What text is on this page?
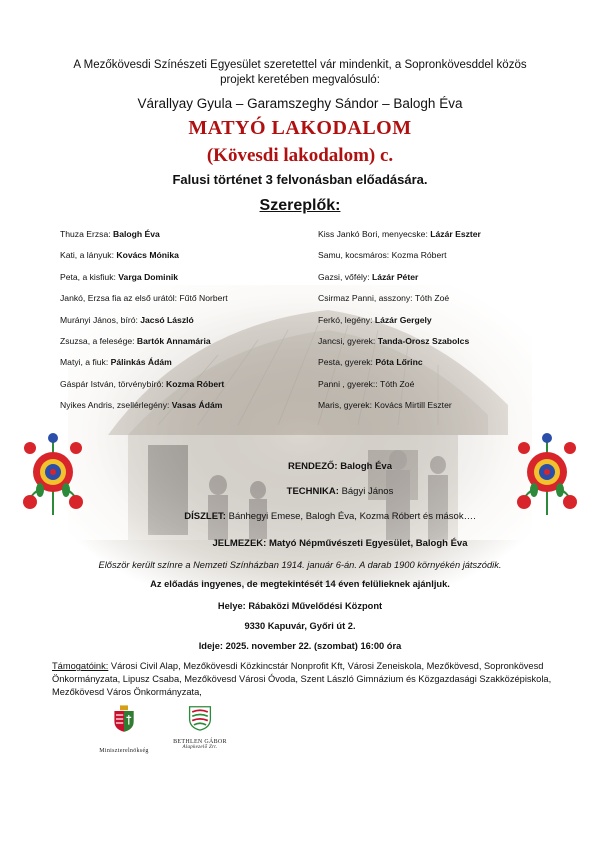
A Mezőkövesdi Színészeti Egyesület szeretettel vár mindenkit, a Sopronkövesddel közös projekt keretében megvalósuló:
Várallyay Gyula – Garamszeghy Sándor – Balogh Éva
MATYÓ LAKODALOM
(Kövesdi lakodalom) c.
Falusi történet 3 felvonásban előadására.
Szereplők:
Thuza Erzsa: Balogh Éva
Kati, a lányuk: Kovács Mónika
Peta, a kisfiuk: Varga Dominik
Jankó, Erzsa fia az első urától: Fűtő Norbert
Murányi János, bíró: Jacsó László
Zsuzsa, a felesége: Bartók Annamária
Matyi, a fiuk: Pálinkás Ádám
Gáspár István, törvénybíró: Kozma Róbert
Nyikes Andris, zsellérlegény: Vasas Ádám
Kiss Jankó Bori, menyecske: Lázár Eszter
Samu, kocsmáros: Kozma Róbert
Gazsi, vőfély: Lázár Péter
Csirmaz Panni, asszony: Tóth Zoé
Ferkó, legény: Lázár Gergely
Jancsi, gyerek: Tanda-Orosz Szabolcs
Pesta, gyerek: Póta Lőrinc
Panni , gyerek:: Tóth Zoé
Maris, gyerek: Kovács Mirtill Eszter
RENDEZŐ: Balogh Éva
TECHNIKA: Bágyi János
DÍSZLET: Bánhegyi Emese, Balogh Éva, Kozma Róbert és mások….
JELMEZEK: Matyó Népművészeti Egyesület, Balogh Éva
Először került színre a Nemzeti Színházban 1914. január 6-án. A darab 1900 környékén játszódik.
Az előadás ingyenes, de megtekintését 14 éven felülieknek ajánljuk.
Helye: Rábaközi Művelődési Központ
9330 Kapuvár, Győri út 2.
Ideje: 2025. november 22. (szombat) 16:00 óra
Támogatóink: Városi Civil Alap, Mezőkövesdi Közkincstár Nonprofit Kft, Városi Zeneiskola, Mezőkövesd, Sopronkövesd Önkormányzata, Lipusz Csaba, Mezőkövesd Városi Óvoda, Szent László Gimnázium és Közgazdasági Szakközépiskola, Mezőkövesd Város Önkormányzata,
Miniszterelnökség
BETHLEN GÁBOR
Alapkezelő Zrt.
